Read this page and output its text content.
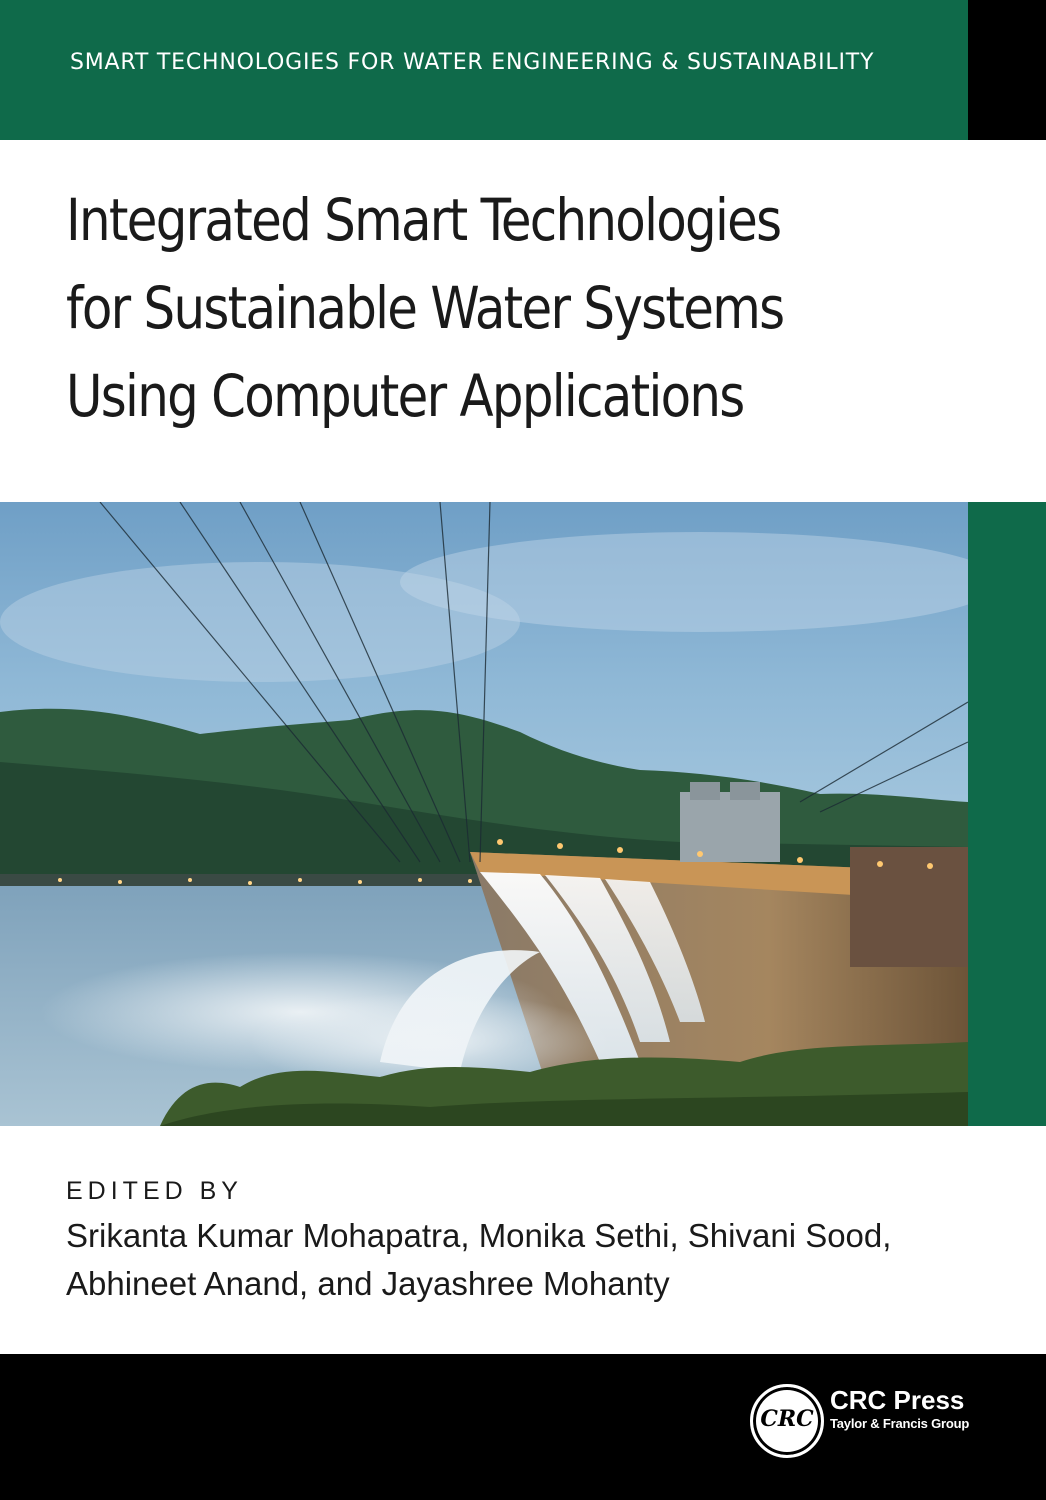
SMART TECHNOLOGIES FOR WATER ENGINEERING & SUSTAINABILITY
Integrated Smart Technologies
for Sustainable Water Systems
Using Computer Applications
EDITED BY
Srikanta Kumar Mohapatra, Monika Sethi, Shivani Sood,
Abhineet Anand, and Jayashree Mohanty
CRC
CRC Press
Taylor & Francis Group
